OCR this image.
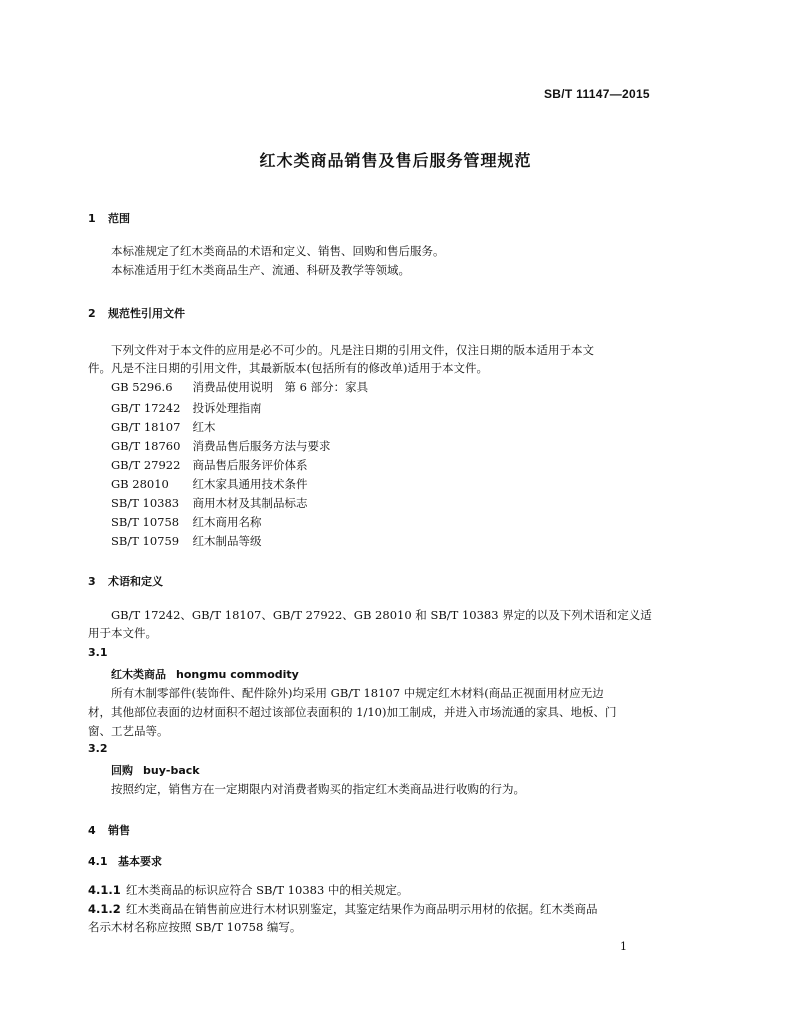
SB/T 11147—2015
红木类商品销售及售后服务管理规范
1 范围
本标准规定了红木类商品的术语和定义、销售、回购和售后服务。
本标准适用于红木类商品生产、流通、科研及教学等领域。
2 规范性引用文件
下列文件对于本文件的应用是必不可少的。凡是注日期的引用文件，仅注日期的版本适用于本文
件。凡是不注日期的引用文件，其最新版本(包括所有的修改单)适用于本文件。
GB 5296.6　 消费品使用说明　第 6 部分：家具
GB/T 17242　 投诉处理指南
GB/T 18107　 红木
GB/T 18760　 消费品售后服务方法与要求
GB/T 27922　 商品售后服务评价体系
GB 28010　 红木家具通用技术条件
SB/T 10383　 商用木材及其制品标志
SB/T 10758　 红木商用名称
SB/T 10759　 红木制品等级
3 术语和定义
GB/T 17242、GB/T 18107、GB/T 27922、GB 28010 和 SB/T 10383 界定的以及下列术语和定义适
用于本文件。
3.1
红木类商品 hongmu commodity
所有木制零部件(装饰件、配件除外)均采用 GB/T 18107 中规定红木材料(商品正视面用材应无边
材，其他部位表面的边材面积不超过该部位表面积的 1/10)加工制成，并进入市场流通的家具、地板、门
窗、工艺品等。
3.2
回购 buy-back
按照约定，销售方在一定期限内对消费者购买的指定红木类商品进行收购的行为。
4 销售
4.1 基本要求
4.1.1 红木类商品的标识应符合 SB/T 10383 中的相关规定。
4.1.2 红木类商品在销售前应进行木材识别鉴定，其鉴定结果作为商品明示用材的依据。红木类商品
名示木材名称应按照 SB/T 10758 编写。
1
